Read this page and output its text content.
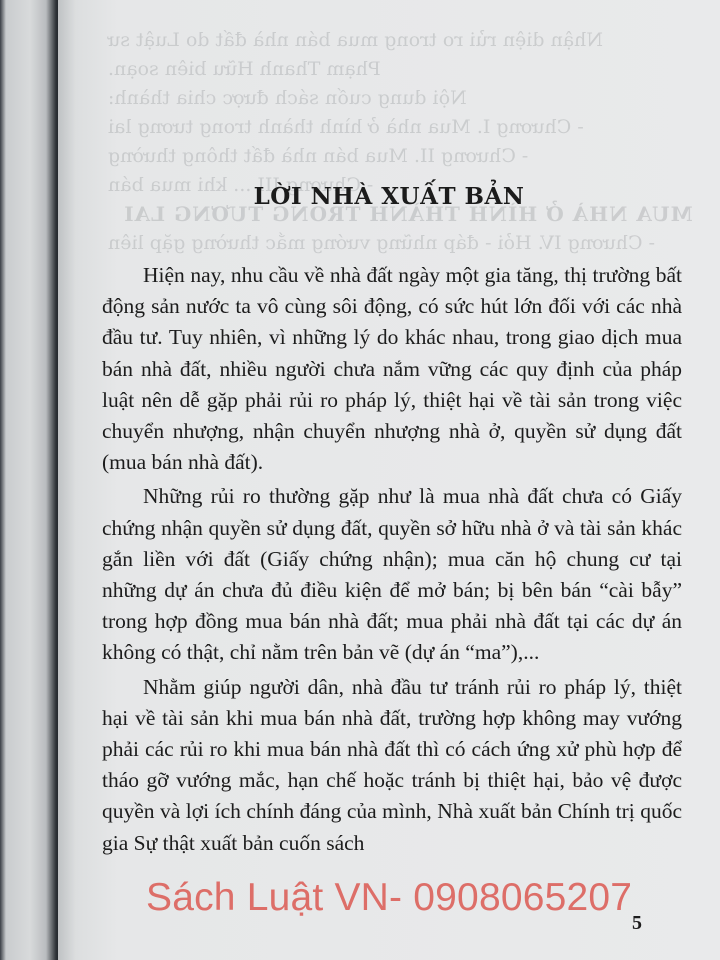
Nhận diện rủi ro trong mua bán nhà đất do Luật sư
Phạm Thanh Hữu biên soạn.
Nội dung cuốn sách được chia thành:
- Chương I. Mua nhà ở hình thành trong tương lai
- Chương II. Mua bán nhà đất thông thường
- Chương III ... khi mua bán
MUA NHÀ Ở HÌNH THÀNH TRONG TƯƠNG LAI
- Chương IV. Hỏi - đáp những vướng mắc thường gặp liên
LỜI NHÀ XUẤT BẢN

Hiện nay, nhu cầu về nhà đất ngày một gia tăng, thị trường bất động sản nước ta vô cùng sôi động, có sức hút lớn đối với các nhà đầu tư. Tuy nhiên, vì những lý do khác nhau, trong giao dịch mua bán nhà đất, nhiều người chưa nắm vững các quy định của pháp luật nên dễ gặp phải rủi ro pháp lý, thiệt hại về tài sản trong việc chuyển nhượng, nhận chuyển nhượng nhà ở, quyền sử dụng đất (mua bán nhà đất).

Những rủi ro thường gặp như là mua nhà đất chưa có Giấy chứng nhận quyền sử dụng đất, quyền sở hữu nhà ở và tài sản khác gắn liền với đất (Giấy chứng nhận); mua căn hộ chung cư tại những dự án chưa đủ điều kiện để mở bán; bị bên bán “cài bẫy” trong hợp đồng mua bán nhà đất; mua phải nhà đất tại các dự án không có thật, chỉ nằm trên bản vẽ (dự án “ma”),...

Nhằm giúp người dân, nhà đầu tư tránh rủi ro pháp lý, thiệt hại về tài sản khi mua bán nhà đất, trường hợp không may vướng phải các rủi ro khi mua bán nhà đất thì có cách ứng xử phù hợp để tháo gỡ vướng mắc, hạn chế hoặc tránh bị thiệt hại, bảo vệ được quyền và lợi ích chính đáng của mình, Nhà xuất bản Chính trị quốc gia Sự thật xuất bản cuốn sách

5
Sách Luật VN- 0908065207
